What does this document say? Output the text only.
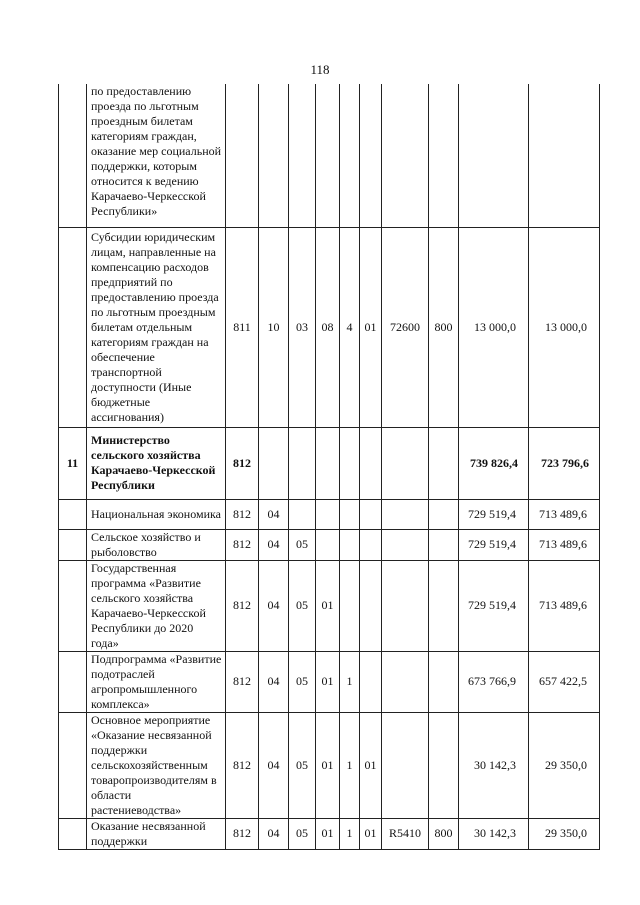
118
	по предоставлению проезда по льготным проездным билетам категориям граждан, оказание мер социальной поддержки, которым относится к ведению Карачаево-Черкесской Республики»										
	Субсидии юридическим лицам, направленные на компенсацию расходов предприятий по предоставлению проезда по льготным проездным билетам отдельным категориям граждан на обеспечение транспортной доступности (Иные бюджетные ассигнования)	811	10	03	08	4	01	72600	800	13 000,0	13 000,0
11	Министерство сельского хозяйства Карачаево-Черкесской Республики	812								739 826,4	723 796,6
	Национальная экономика	812	04							729 519,4	713 489,6
	Сельское хозяйство и рыболовство	812	04	05						729 519,4	713 489,6
	Государственная программа «Развитие сельского хозяйства Карачаево-Черкесской Республики до 2020 года»	812	04	05	01					729 519,4	713 489,6
	Подпрограмма «Развитие подотраслей агропромышленного комплекса»	812	04	05	01	1				673 766,9	657 422,5
	Основное мероприятие «Оказание несвязанной поддержки сельскохозяйственным товаропроизводителям в области растениеводства»	812	04	05	01	1	01			30 142,3	29 350,0
	Оказание несвязанной поддержки	812	04	05	01	1	01	R5410	800	30 142,3	29 350,0
